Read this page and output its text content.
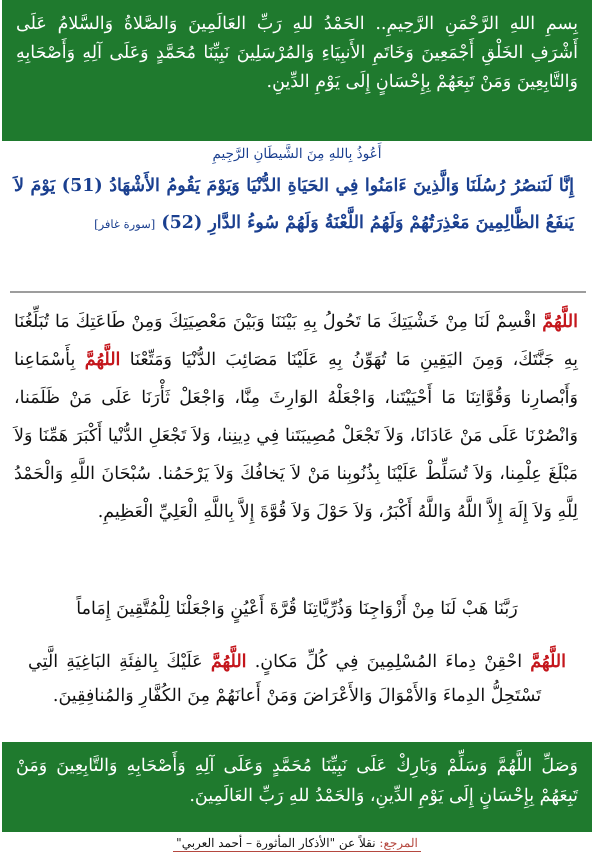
بِسمِ اللهِ الرَّحْمَنِ الرَّحِيمِ.. الحَمْدُ للهِ رَبِّ العَالَمِينَ وَالصَّلاةُ وَالسَّلامُ عَلَى أَشْرَفِ الخَلْقِ أَجْمَعِينَ وَخَاتَمِ الأَنبِيَاءِ وَالمُرْسَلِينَ نَبِيِّنَا مُحَمَّدٍ وَعَلَى آلِهِ وَأَصْحَابِهِ وَالتَّابِعِينَ وَمَنْ تَبِعَهُمْ بِإِحْسَانٍ إِلَى يَوْمِ الدِّينِ.
أَعُوذُ بِاللهِ مِنَ الشَّيطَانِ الرَّجِيمِ
إِنَّا لَنَنصُرُ رُسُلَنَا وَالَّذِينَ ءَامَنُوا فِي الحَيَاةِ الدُّنْيَا وَيَوْمَ يَقُومُ الأَشْهَادُ (51) يَوْمَ لاَ يَنفَعُ الظَّالِمِينَ مَعْذِرَتُهُمْ وَلَهُمُ اللَّعْنَةُ وَلَهُمْ سُوءُ الدَّارِ (52) [سورة غافر]
اللَّهُمَّ اقْسِمْ لَنَا مِنْ خَشْيَتِكَ مَا تَحُولُ بِهِ بَيْنَنَا وَبَيْنَ مَعْصِيَتِكَ وَمِنْ طَاعَتِكَ مَا تُبَلِّغُنَا بِهِ جَنَّتَكَ، وَمِنَ اليَقِينِ مَا تُهَوِّنُ بِهِ عَلَيْنَا مَصَائِبَ الدُّنْيَا وَمَتِّعْنَا اللَّهُمَّ بِأَسْمَاعِنا وَأَبْصارِنا وَقُوَّاتِنَا مَا أَحْيَيْتَنا، وَاجْعَلْهُ الوَارِثَ مِنَّا، وَاجْعَلْ ثَأْرَنَا عَلَى مَنْ ظَلَمَنا، وَانْصُرْنَا عَلَى مَنْ عَادَانَا، وَلاَ تَجْعَلْ مُصِيبَتَنا فِي دِينِنا، وَلاَ تَجْعَلِ الدُّنْيا أَكْبَرَ هَمِّنَا وَلاَ مَبْلَغَ عِلْمِنا، وَلاَ تُسَلِّطْ عَلَيْنَا بِذُنُوبِنا مَنْ لاَ يَخافُكَ وَلاَ يَرْحَمُنا. سُبْحَانَ اللَّهِ وَالْحَمْدُ لِلَّهِ وَلاَ إِلَهَ إِلاَّ اللَّهُ وَاللَّهُ أَكْبَرُ، وَلاَ حَوْلَ وَلاَ قُوَّةَ إِلاَّ بِاللَّهِ الْعَلِيِّ الْعَظِيمِ.
رَبَّنَا هَبْ لَنَا مِنْ أَزْوَاجِنَا وَذُرِّيَّاتِنَا قُرَّةَ أَعْيُنٍ وَاجْعَلْنَا لِلْمُتَّقِينَ إِمَاماً
اللَّهُمَّ احْقِنْ دِماءَ المُسْلِمِينَ فِي كُلِّ مَكانٍ. اللَّهُمَّ عَلَيْكَ بِالفِئَةِ البَاغِيَةِ الَّتِي تَسْتَحِلُّ الدِماءَ وَالأَمْوَالَ وَالأَعْرَاضَ وَمَنْ أَعانَهُمْ مِنَ الكُفَّارِ وَالمُنافِقِينَ.
وَصَلِّ اللَّهُمَّ وَسَلِّمْ وَبَارِكْ عَلَى نَبِيِّنَا مُحَمَّدٍ وَعَلَى آلِهِ وَأَصْحَابِهِ وَالتَّابِعِينَ وَمَنْ تَبِعَهُمْ بِإِحْسَانٍ إِلَى يَوْمِ الدِّينِ، وَالحَمْدُ للهِ رَبِّ العَالَمِينَ.
المرجع: نقلاً عن "الأذكار المأثورة – أحمد العربي"
